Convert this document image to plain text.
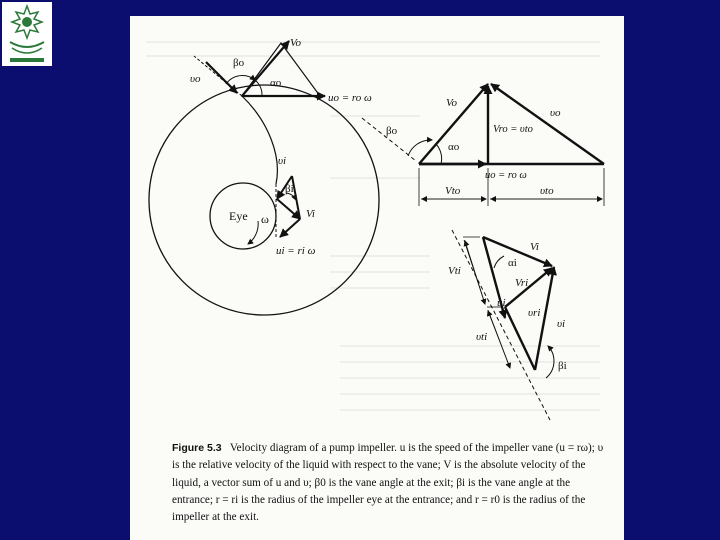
Eye ω
Vo
υo
βo
αo
uo = ro ω
υi
βi
Vi
ui = ri ω
Vo
υo
βo
αo
Vro = υto
uo = ro ω
Vto	υto
Vi
αi
Vti
Vri
ui
υri
υi
υti
βi
Figure 5.3 Velocity diagram of a pump impeller. u is the speed of the impeller vane (u = rω); υ is the relative velocity of the liquid with respect to the vane; V is the absolute velocity of the liquid, a vector sum of u and υ; β0 is the vane angle at the exit; βi is the vane angle at the entrance; r = ri is the radius of the impeller eye at the entrance; and r = r0 is the radius of the impeller at the exit.
